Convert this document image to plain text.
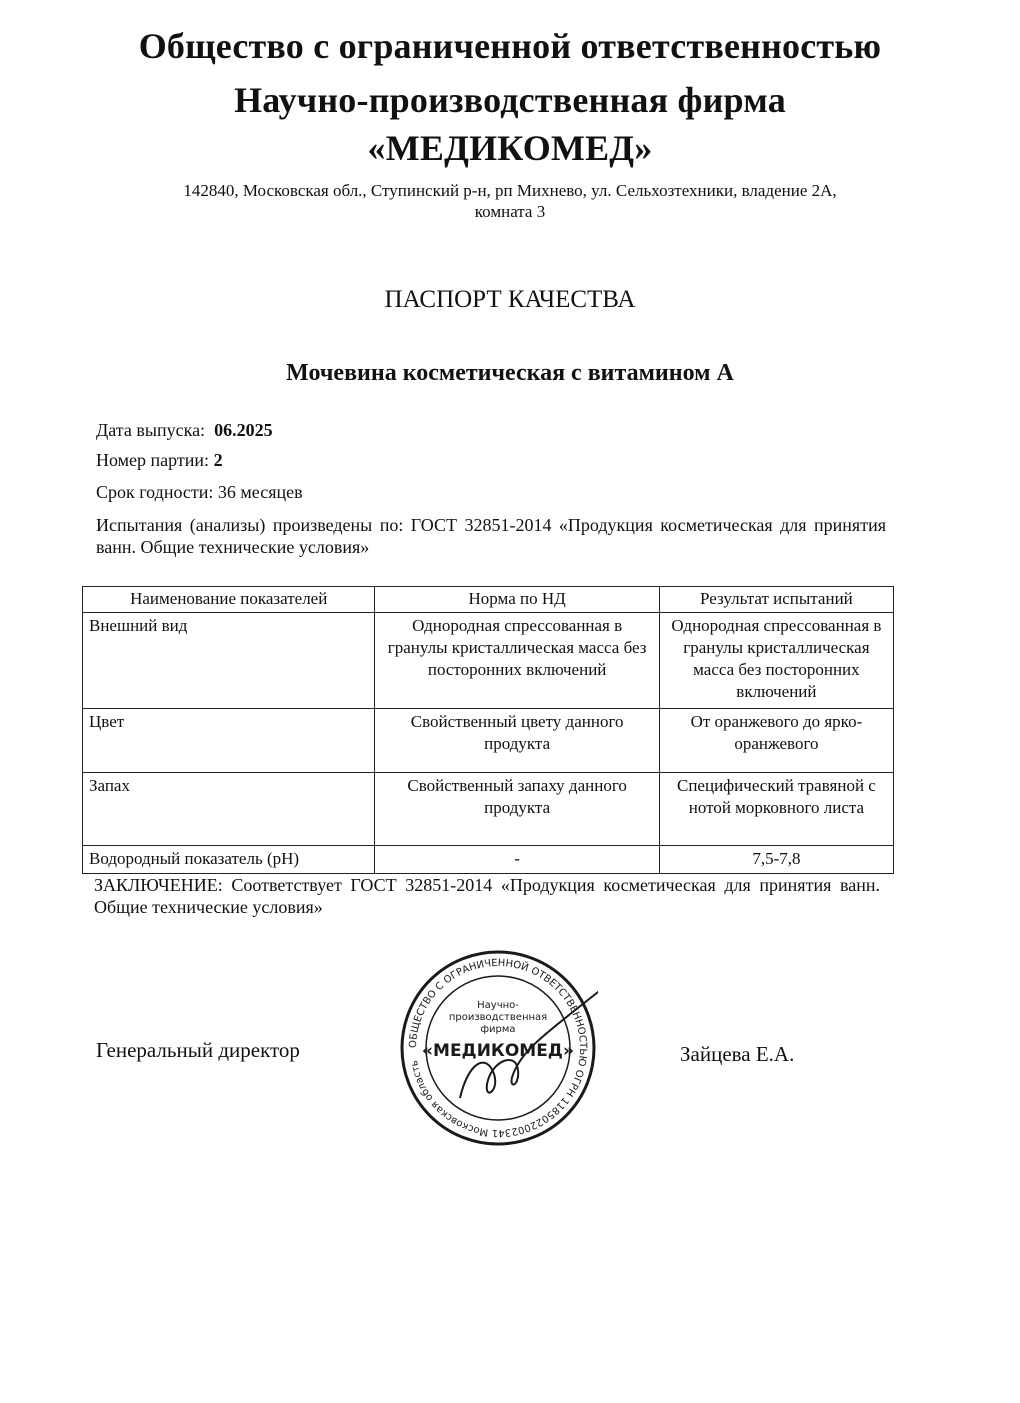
Общество с ограниченной ответственностью
Научно-производственная фирма
«МЕДИКОМЕД»
142840, Московская обл., Ступинский р-н, рп Михнево, ул. Сельхозтехники, владение 2А,
комната 3
ПАСПОРТ КАЧЕСТВА
Мочевина косметическая с витамином А
Дата выпуска: 06.2025
Номер партии: 2
Срок годности: 36 месяцев
Испытания (анализы) произведены по: ГОСТ 32851-2014 «Продукция косметическая для принятия ванн. Общие технические условия»
Наименование показателей	Норма по НД	Результат испытаний
Внешний вид	Однородная спрессованная в гранулы кристаллическая масса без посторонних включений	Однородная спрессованная в гранулы кристаллическая масса без посторонних включений
Цвет	Свойственный цвету данного продукта	От оранжевого до ярко-оранжевого
Запах	Свойственный запаху данного продукта	Специфический травяной с нотой морковного листа
Водородный показатель (pH)	-	7,5-7,8
ЗАКЛЮЧЕНИЕ: Соответствует ГОСТ 32851-2014 «Продукция косметическая для принятия ванн. Общие технические условия»
Генеральный директор	Зайцева Е.А.
ОБЩЕСТВО С ОГРАНИЧЕННОЙ ОТВЕТСТВЕННОСТЬЮ ОГРН 1185022002341 Московская область
Научно-
производственная
фирма
«МЕДИКОМЕД»
